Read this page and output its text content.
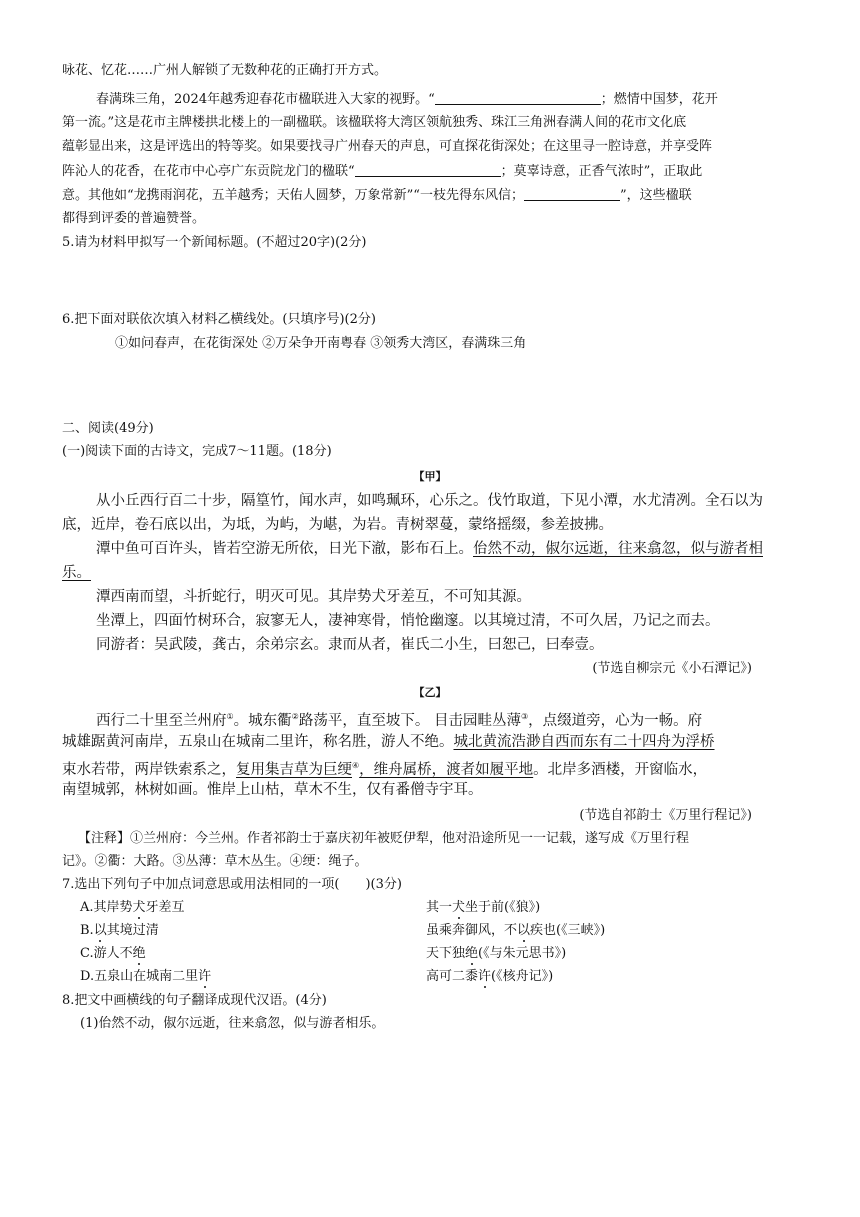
咏花、忆花……广州人解锁了无数种花的正确打开方式。
春满珠三角，2024年越秀迎春花市楹联进入大家的视野。“	；燃情中国梦，花开
第一流。”这是花市主牌楼拱北楼上的一副楹联。该楹联将大湾区领航独秀、珠江三角洲春满人间的花市文化底
蕴彰显出来，这是评选出的特等奖。如果要找寻广州春天的声息，可直探花街深处；在这里寻一腔诗意，并享受阵
阵沁人的花香，在花市中心亭广东贡院龙门的楹联“	；莫辜诗意，正香气浓时”，正取此
意。其他如“龙携雨润花，五羊越秀；天佑人圆梦，万象常新”“一枝先得东风信；	”，这些楹联
都得到评委的普遍赞誉。
5.请为材料甲拟写一个新闻标题。(不超过20字)(2分)
6.把下面对联依次填入材料乙横线处。(只填序号)(2分)
①如问春声，在花街深处 ②万朵争开南粤春 ③领秀大湾区，春满珠三角
二、阅读(49分)
(一)阅读下面的古诗文，完成7～11题。(18分)
【甲】
从小丘西行百二十步，隔篁竹，闻水声，如鸣珮环，心乐之。伐竹取道，下见小潭，水尤清冽。全石以为
底，近岸，卷石底以出，为坻，为屿，为嵁，为岩。青树翠蔓，蒙络摇缀，参差披拂。
潭中鱼可百许头，皆若空游无所依，日光下澈，影布石上。佁然不动，俶尔远逝，往来翕忽，似与游者相
乐。
潭西南而望，斗折蛇行，明灭可见。其岸势犬牙差互，不可知其源。
坐潭上，四面竹树环合，寂寥无人，凄神寒骨，悄怆幽邃。以其境过清，不可久居，乃记之而去。
同游者：吴武陵，龚古，余弟宗玄。隶而从者，崔氏二小生，曰恕己，曰奉壹。
(节选自柳宗元《小石潭记》)
【乙】
西行二十里至兰州府①。城东衢②路荡平，直至坡下。 目击园畦丛薄③，点缀道旁，心为一畅。府
城雄踞黄河南岸，五泉山在城南二里许，称名胜，游人不绝。城北黄流浩渺自西而东有二十四舟为浮桥
束水若带，两岸铁索系之，复用集吉草为巨绠④，维舟属桥，渡者如履平地。北岸多酒楼，开窗临水，
南望城郭，林树如画。惟岸上山枯，草木不生，仅有番僧寺宇耳。
(节选自祁韵士《万里行程记》)
【注释】①兰州府：今兰州。作者祁韵士于嘉庆初年被贬伊犁，他对沿途所见一一记载，遂写成《万里行程
记》。②衢：大路。③丛薄：草木丛生。④绠：绳子。
7.选出下列句子中加点词意思或用法相同的一项(　　)(3分)
A.其岸势犬牙差互	其一犬坐于前(《狼》)
B.以其境过清	虽乘奔御风，不以疾也(《三峡》)
C.游人不绝	天下独绝(《与朱元思书》)
D.五泉山在城南二里许	高可二黍许(《核舟记》)
8.把文中画横线的句子翻译成现代汉语。(4分)
(1)佁然不动，俶尔远逝，往来翕忽，似与游者相乐。
